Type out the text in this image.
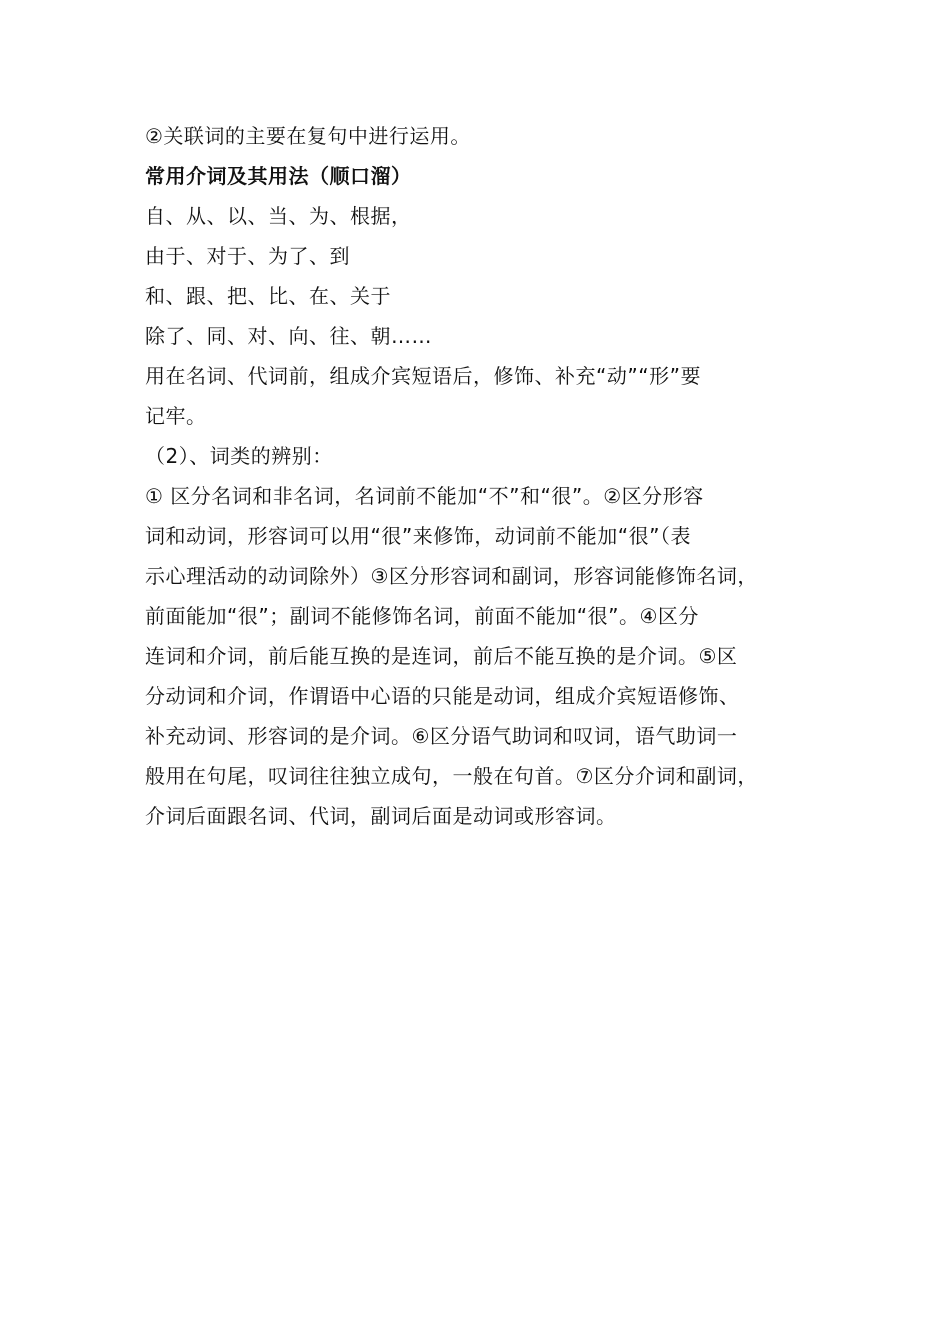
②关联词的主要在复句中进行运用。
常用介词及其用法（顺口溜）
自、从、以、当、为、根据，
由于、对于、为了、到
和、跟、把、比、在、关于
除了、同、对、向、往、朝……
用在名词、代词前，组成介宾短语后，修饰、补充“动”“形”要
记牢。
（2）、词类的辨别：
① 区分名词和非名词，名词前不能加“不”和“很”。②区分形容
词和动词，形容词可以用“很”来修饰，动词前不能加“很”（表
示心理活动的动词除外）③区分形容词和副词，形容词能修饰名词，
前面能加“很”；副词不能修饰名词，前面不能加“很”。④区分
连词和介词，前后能互换的是连词，前后不能互换的是介词。⑤区
分动词和介词，作谓语中心语的只能是动词，组成介宾短语修饰、
补充动词、形容词的是介词。⑥区分语气助词和叹词，语气助词一
般用在句尾，叹词往往独立成句，一般在句首。⑦区分介词和副词，
介词后面跟名词、代词，副词后面是动词或形容词。
